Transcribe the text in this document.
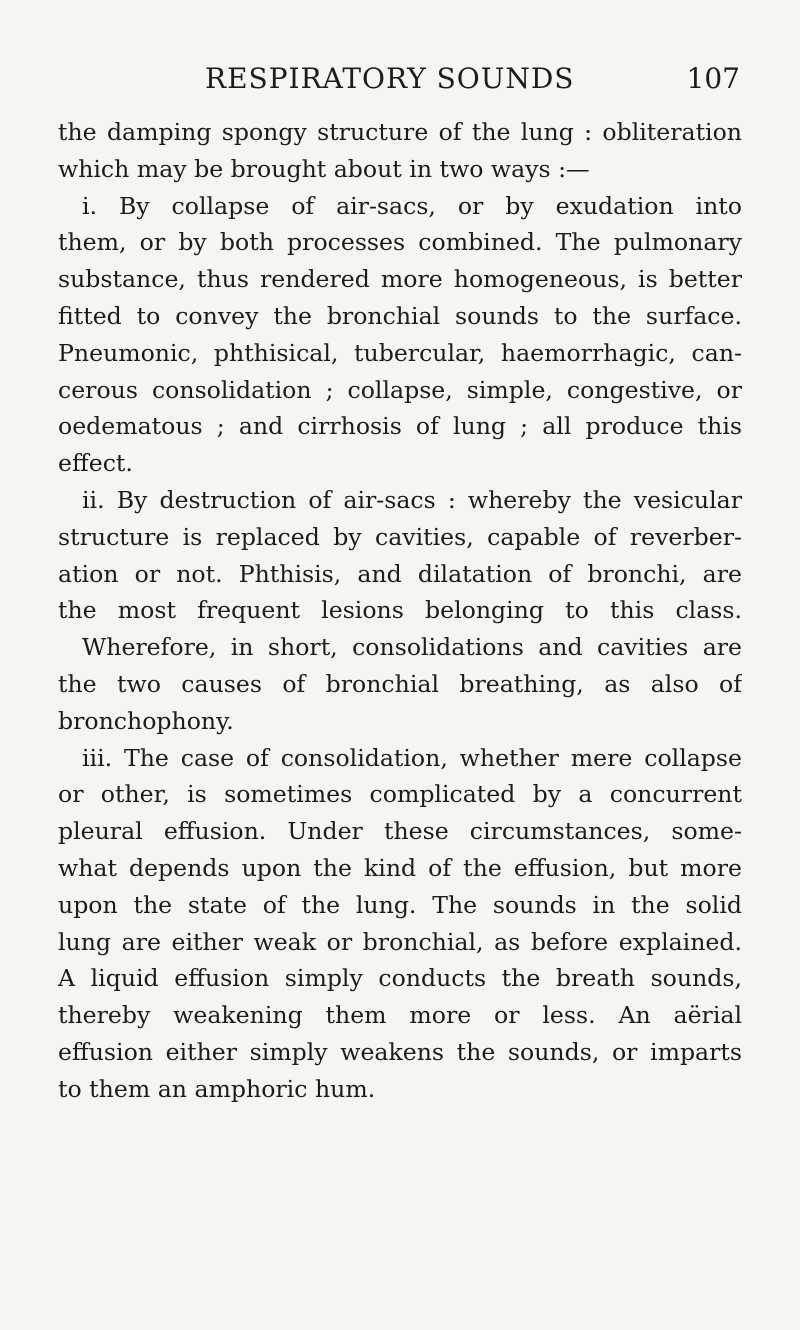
RESPIRATORY SOUNDS	107
the damping spongy structure of the lung : obliteration
which may be brought about in two ways :—
i. By collapse of air-sacs, or by exudation into
them, or by both processes combined. The pulmonary
substance, thus rendered more homogeneous, is better
fitted to convey the bronchial sounds to the surface.
Pneumonic, phthisical, tubercular, haemorrhagic, can-
cerous consolidation ; collapse, simple, congestive, or
oedematous ; and cirrhosis of lung ; all produce this
effect.
ii. By destruction of air-sacs : whereby the vesicular
structure is replaced by cavities, capable of reverber-
ation or not. Phthisis, and dilatation of bronchi, are
the most frequent lesions belonging to this class.
Wherefore, in short, consolidations and cavities are
the two causes of bronchial breathing, as also of
bronchophony.
iii. The case of consolidation, whether mere collapse
or other, is sometimes complicated by a concurrent
pleural effusion. Under these circumstances, some-
what depends upon the kind of the effusion, but more
upon the state of the lung. The sounds in the solid
lung are either weak or bronchial, as before explained.
A liquid effusion simply conducts the breath sounds,
thereby weakening them more or less. An aërial
effusion either simply weakens the sounds, or imparts
to them an amphoric hum.
